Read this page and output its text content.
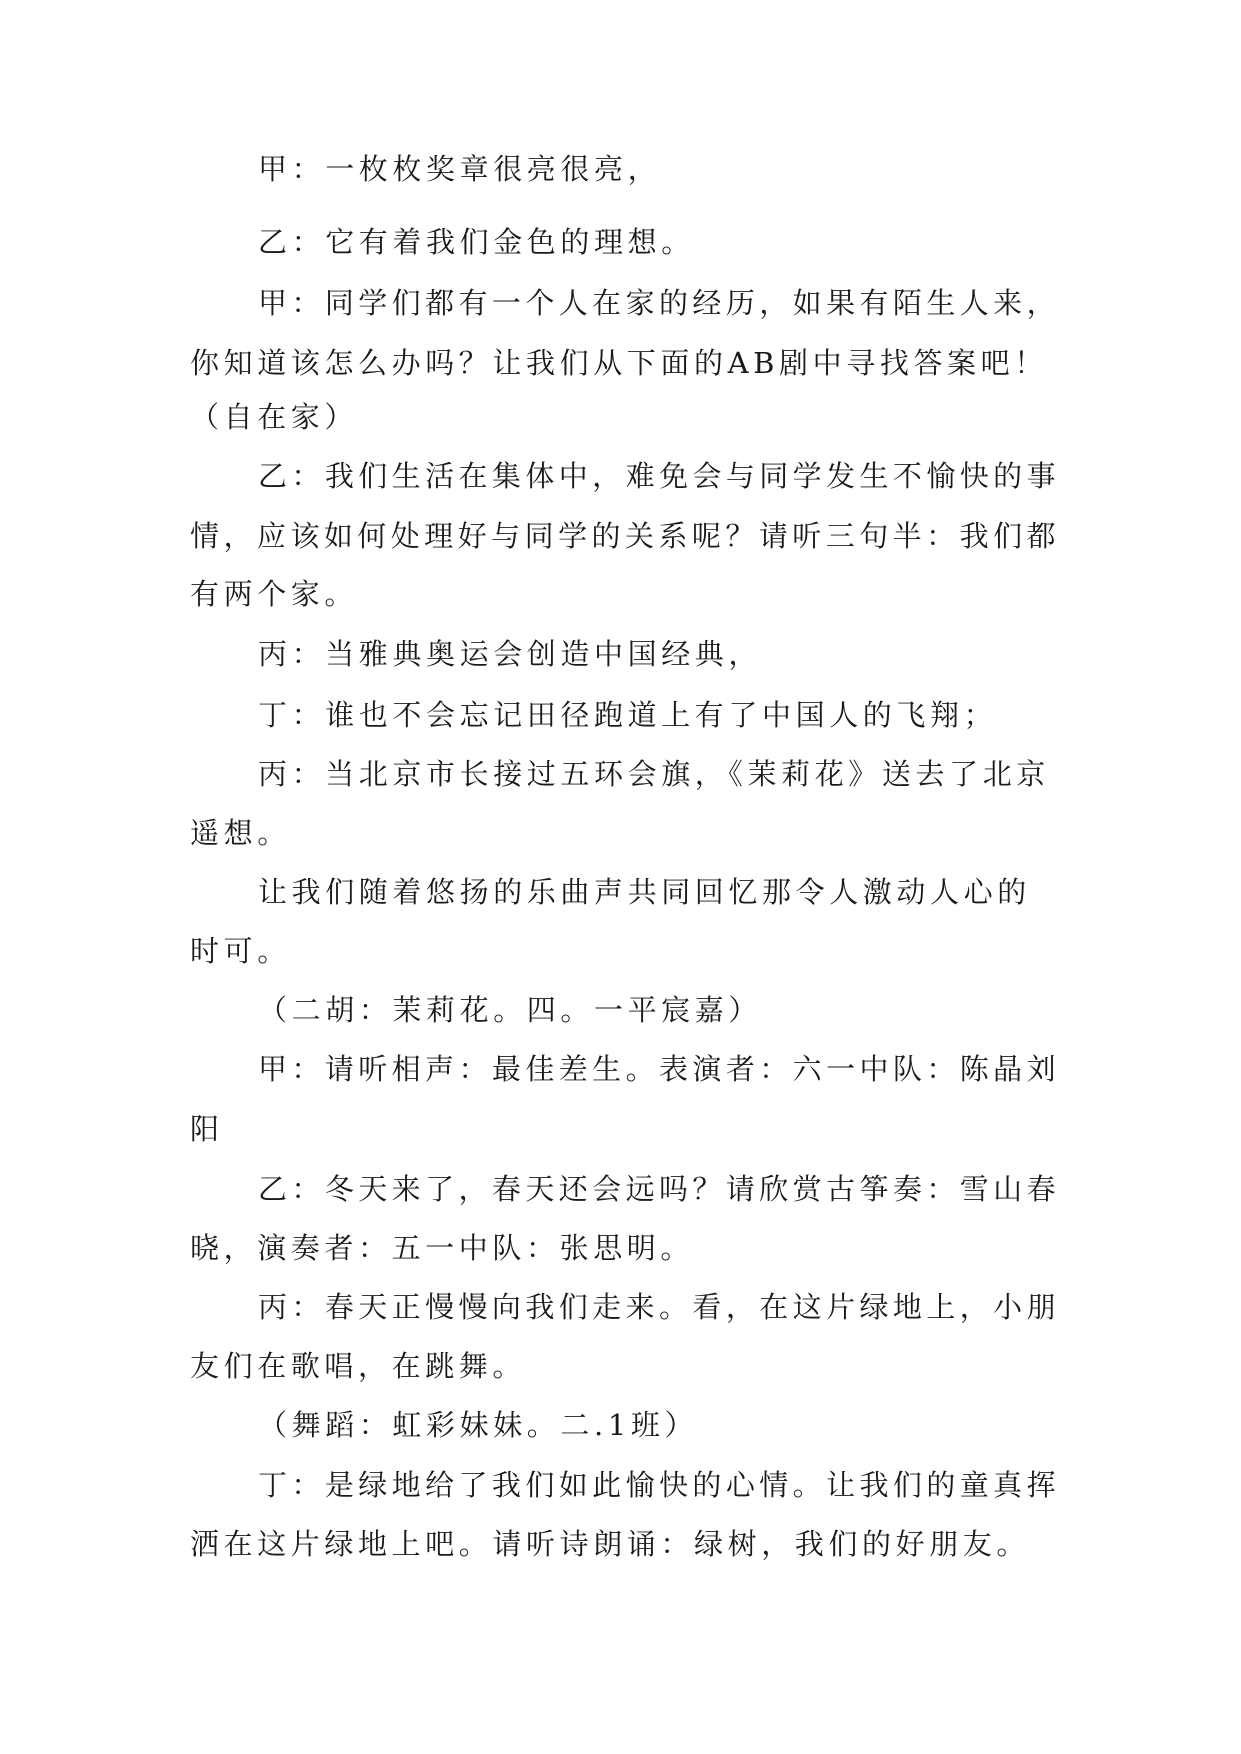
甲：一枚枚奖章很亮很亮，
乙：它有着我们金色的理想。
甲：同学们都有一个人在家的经历，如果有陌生人来，
你知道该怎么办吗？让我们从下面的AB剧中寻找答案吧！
（自在家）
乙：我们生活在集体中，难免会与同学发生不愉快的事
情，应该如何处理好与同学的关系呢？请听三句半：我们都
有两个家。
丙：当雅典奥运会创造中国经典，
丁：谁也不会忘记田径跑道上有了中国人的飞翔；
丙：当北京市长接过五环会旗，《茉莉花》送去了北京
遥想。
让我们随着悠扬的乐曲声共同回忆那令人激动人心的
时可。
（二胡：茉莉花。四。一平宸嘉）
甲：请听相声：最佳差生。表演者：六一中队：陈晶刘
阳
乙：冬天来了，春天还会远吗？请欣赏古筝奏：雪山春
晓，演奏者：五一中队：张思明。
丙：春天正慢慢向我们走来。看，在这片绿地上，小朋
友们在歌唱，在跳舞。
（舞蹈：虹彩妹妹。二.1班）
丁：是绿地给了我们如此愉快的心情。让我们的童真挥
洒在这片绿地上吧。请听诗朗诵：绿树，我们的好朋友。
